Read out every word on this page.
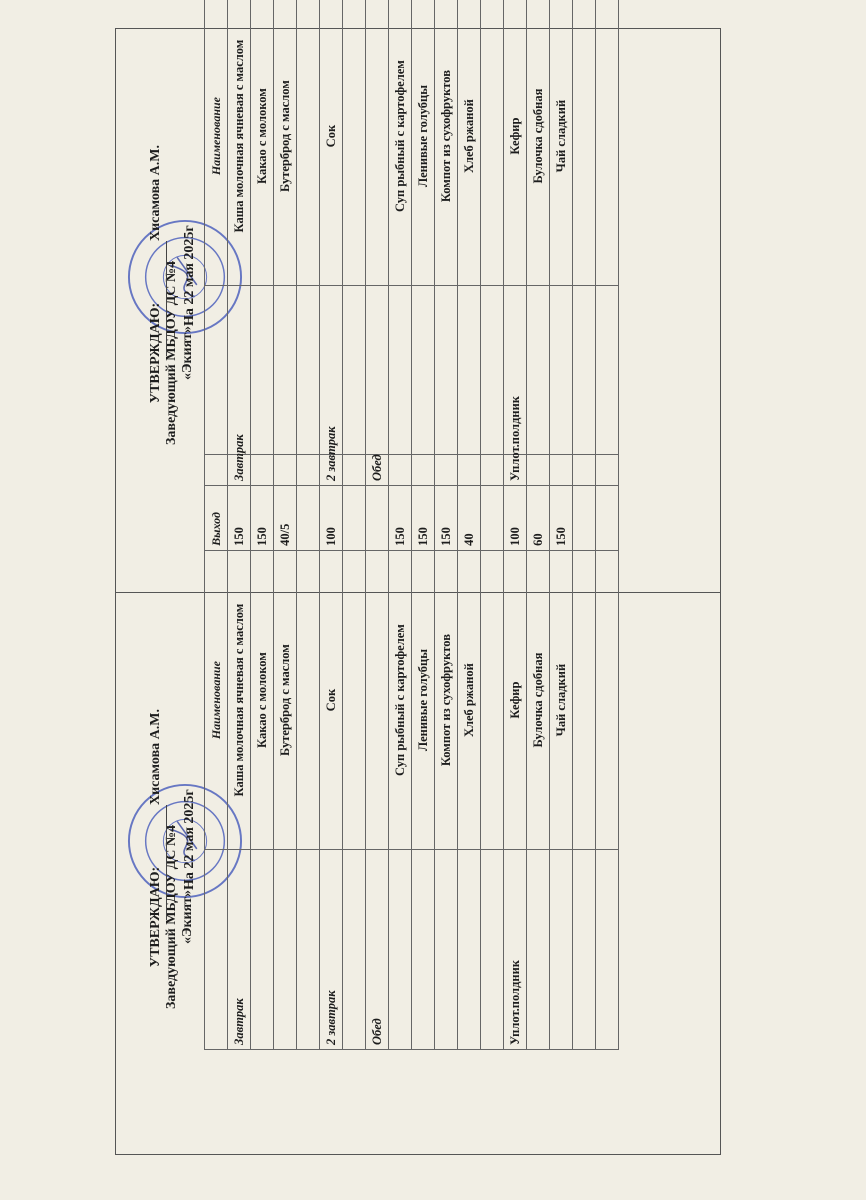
УТВЕРЖДАЮ: Заведующий МБДОУ ДС №4 «Экият»
Хисамова А.М.
На 22 мая 2025г
	Наименование	Выход
Завтрак	Каша молочная ячневая с маслом	150
	Какао с молоком	150
	Бутерброд с маслом	40/5

2 завтрак	Сок	100

Обед		
	Суп рыбный с картофелем	150
	Ленивые голубцы	150
	Компот из сухофруктов	150
	Хлеб ржаной	40

Уплот.полдник	Кефир	100
	Булочка сдобная	60
	Чай сладкий	150

УТВЕРЖДАЮ: Заведующий МБДОУ ДС №4 «Экият»
Хисамова А.М.
На 22 мая 2025г
	Наименование	
Завтрак	Каша молочная ячневая с маслом	
	Какао с молоком	
	Бутерброд с маслом	

2 завтрак	Сок	

Обед		
	Суп рыбный с картофелем	
	Ленивые голубцы	
	Компот из сухофруктов	
	Хлеб ржаной	

Уплот.полдник	Кефир	
	Булочка сдобная	
	Чай сладкий	
